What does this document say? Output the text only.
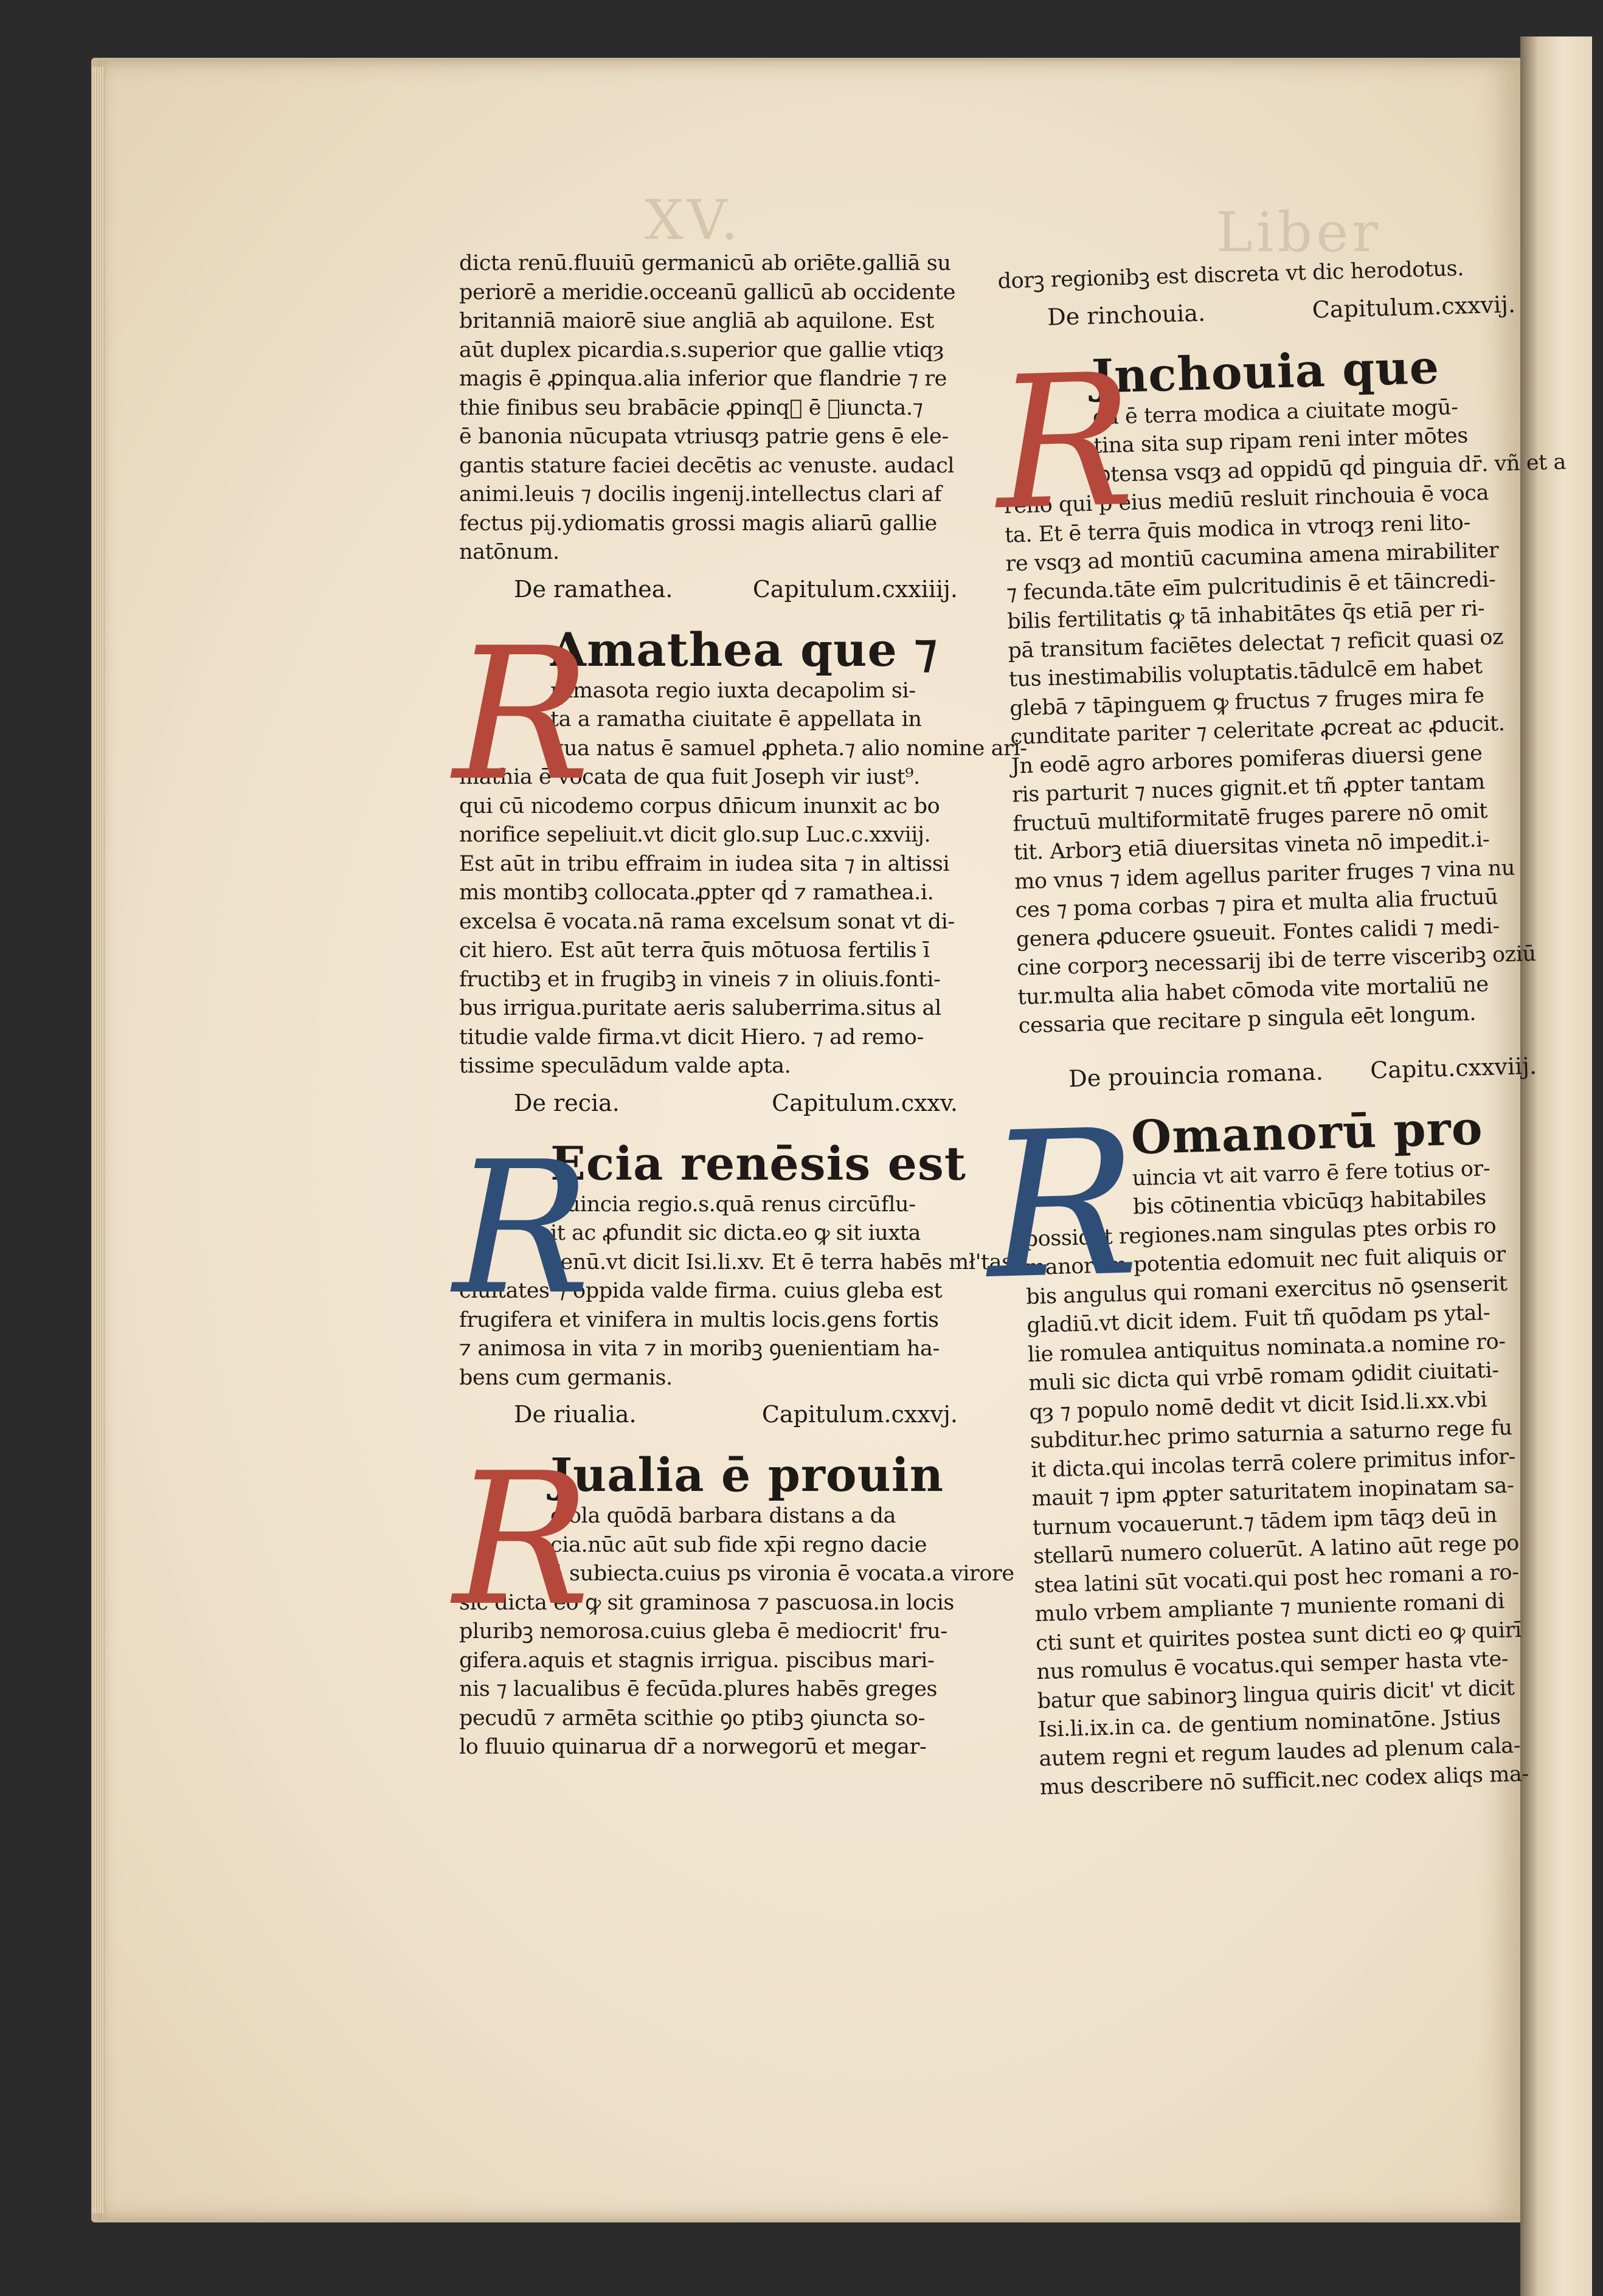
XV.	Liber
dicta renū.fluuiū germanicū ab oriēte.galliā su
periorē a meridie.occeanū gallicū ab occidente
britanniā maiorē siue angliā ab aquilone. Est
aūt duplex picardia.s.superior que gallie vtiqȝ
magis ē ꝓpinqua.alia inferior que flandrie ⁊ re
thie finibus seu brabācie ꝓpinqᷓ ē ꝯiuncta.⁊
ē banonia nūcupata vtriusqȝ patrie gens ē ele-
gantis stature faciei decētis ac venuste. audacl
animi.leuis ⁊ docilis ingenij.intellectus clari af
fectus pij.ydiomatis grossi magis aliarū gallie
natōnum.
De ramathea.	Capitulum.cxxiiij.
R
Amathea que ⁊
ramasota regio iuxta decapolim si-
ta a ramatha ciuitate ē appellata in
qua natus ē samuel ꝓpheta.⁊ alio nomine ari-
mathia ē vocata de qua fuit Joseph vir iust⁹.
qui cū nicodemo corpus dn̄icum inunxit ac bo
norifice sepeliuit.vt dicit glo.sup Luc.c.xxviij.
Est aūt in tribu effraim in iudea sita ⁊ in altissi
mis montibꝫ collocata.ꝓpter qḋ ⁊ ramathea.i.
excelsa ē vocata.nā rama excelsum sonat vt di-
cit hiero. Est aūt terra q̄uis mōtuosa fertilis ī
fructibꝫ et in frugibꝫ in vineis ⁊ in oliuis.fonti-
bus irrigua.puritate aeris saluberrima.situs al
titudie valde firma.vt dicit Hiero. ⁊ ad remo-
tissime speculādum valde apta.
De recia.	Capitulum.cxxv.
R
Ecia renēsis est
ꝓuincia regio.s.quā renus circūflu-
it ac ꝓfundit sic dicta.eo ꝙ sit iuxta
renū.vt dicit Isi.li.xv. Et ē terra habēs mł'tas
ciuitates ⁊ oppida valde firma. cuius gleba est
frugifera et vinifera in multis locis.gens fortis
⁊ animosa in vita ⁊ in moribꝫ ꝯuenientiam ha-
bens cum germanis.
De riualia.	Capitulum.cxxvj.
R
Jualia ē prouin
ciola quōdā barbara distans a da
cia.nūc aūt sub fide xp̄i regno dacie
ē subiecta.cuius ps vironia ē vocata.a virore
sic dicta eo ꝙ sit graminosa ⁊ pascuosa.in locis
pluribꝫ nemorosa.cuius gleba ē mediocrit' fru-
gifera.aquis et stagnis irrigua. piscibus mari-
nis ⁊ lacualibus ē fecūda.plures habēs greges
pecudū ⁊ armēta scithie ꝯo ptibꝫ ꝯiuncta so-
lo fluuio quinarua dr̄ a norwegorū et megar-
dorꝫ regionibꝫ est discreta vt dic herodotus.
De rinchouia.	Capitulum.cxxvij.
R
Jnchouia que
dā ē terra modica a ciuitate mogū-
tina sita sup ripam reni inter mōtes
ꝓtensa vsqȝ ad oppidū qḋ pinguia dr̄. vñ et a
reno qui p eius mediū resluit rinchouia ē voca
ta. Et ē terra q̄uis modica in vtroqȝ reni lito-
re vsqȝ ad montiū cacumina amena mirabiliter
⁊ fecunda.tāte eīm pulcritudinis ē et tāincredi-
bilis fertilitatis ꝙ tā inhabitātes q̄s etiā per ri-
pā transitum faciētes delectat ⁊ reficit quasi oz
tus inestimabilis voluptatis.tādulcē em habet
glebā ⁊ tāpinguem ꝙ fructus ⁊ fruges mira fe
cunditate pariter ⁊ celeritate ꝓcreat ac ꝓducit.
Jn eodē agro arbores pomiferas diuersi gene
ris parturit ⁊ nuces gignit.et tñ ꝓpter tantam
fructuū multiformitatē fruges parere nō omit
tit. Arborꝫ etiā diuersitas vineta nō impedit.i-
mo vnus ⁊ idem agellus pariter fruges ⁊ vina nu
ces ⁊ poma corbas ⁊ pira et multa alia fructuū
genera ꝓducere ꝯsueuit. Fontes calidi ⁊ medi-
cine corporꝫ necessarij ibi de terre visceribꝫ oziū
tur.multa alia habet cōmoda vite mortaliū ne
cessaria que recitare p singula eēt longum.
De prouincia romana. Capitu.cxxviij.
R
Omanorū pro
uincia vt ait varro ē fere totius or-
bis cōtinentia vbicūqȝ habitabiles
possidet regiones.nam singulas ptes orbis ro
manorum potentia edomuit nec fuit aliquis or
bis angulus qui romani exercitus nō ꝯsenserit
gladiū.vt dicit idem. Fuit tñ quōdam ps ytal-
lie romulea antiquitus nominata.a nomine ro-
muli sic dicta qui vrbē romam ꝯdidit ciuitati-
qȝ ⁊ populo nomē dedit vt dicit Isid.li.xx.vbi
subditur.hec primo saturnia a saturno rege fu
it dicta.qui incolas terrā colere primitus infor-
mauit ⁊ ipm ꝓpter saturitatem inopinatam sa-
turnum vocauerunt.⁊ tādem ipm tāqȝ deū in
stellarū numero coluerūt. A latino aūt rege po
stea latini sūt vocati.qui post hec romani a ro-
mulo vrbem ampliante ⁊ muniente romani di
cti sunt et quirites postea sunt dicti eo ꝙ quirī
nus romulus ē vocatus.qui semper hasta vte-
batur que sabinorꝫ lingua quiris dicit' vt dicit
Isi.li.ix.in ca. de gentium nominatōne. Jstius
autem regni et regum laudes ad plenum cala-
mus describere nō sufficit.nec codex aliqs ma-
